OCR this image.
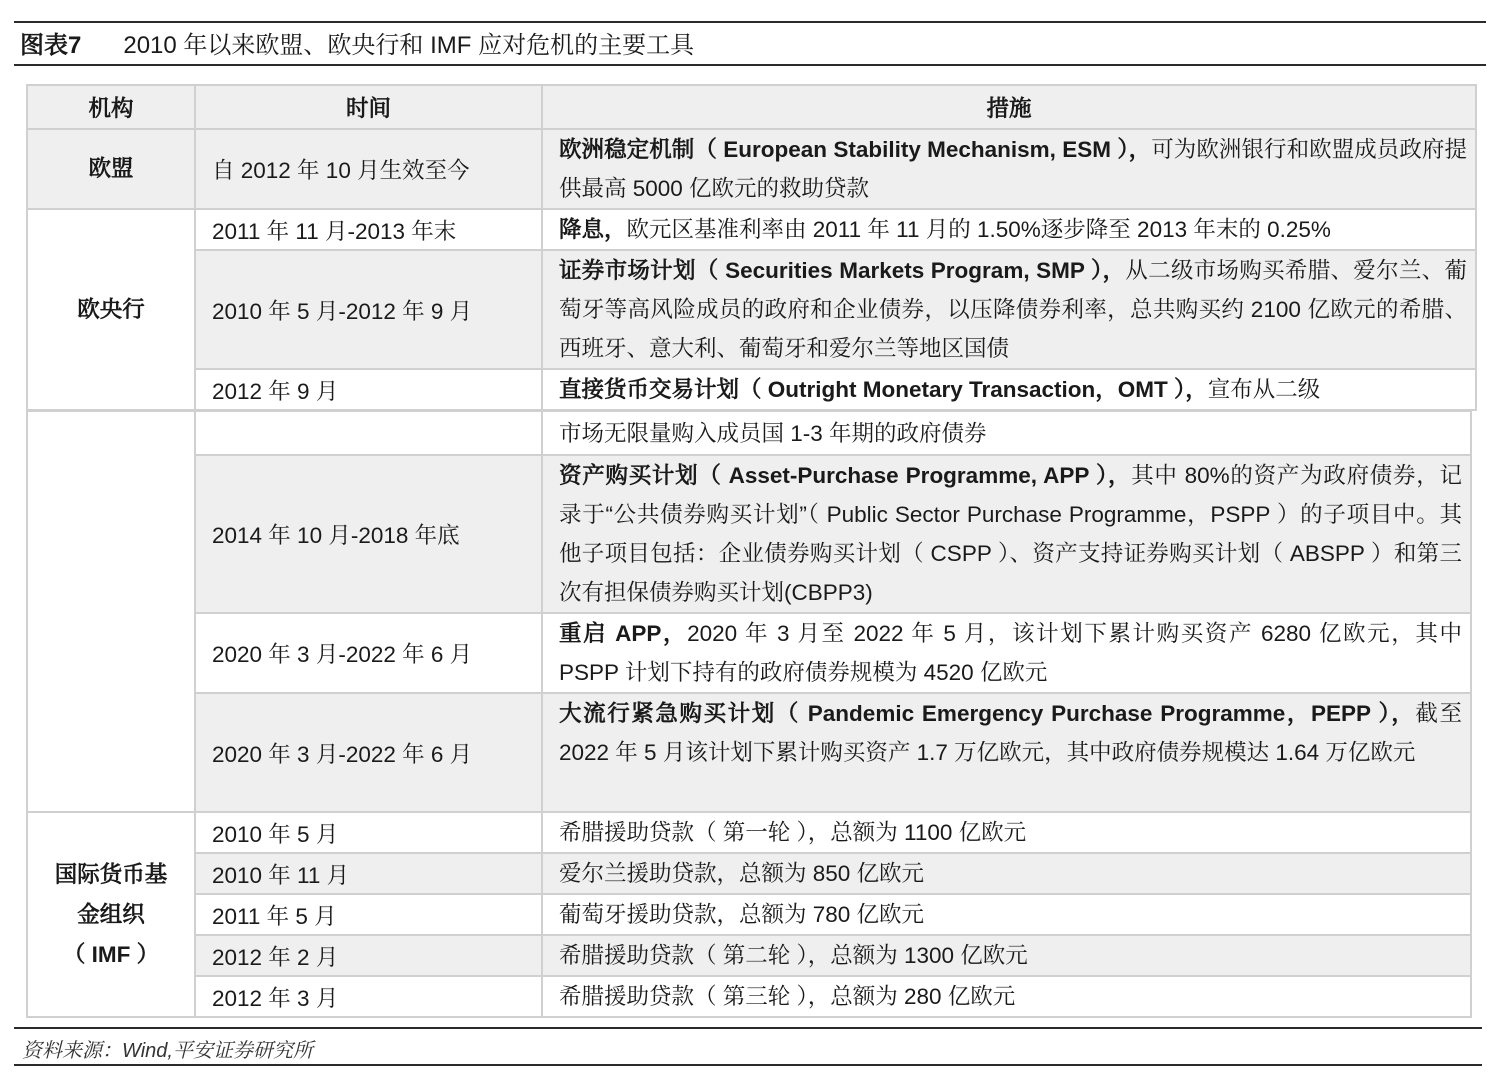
图表7 2010 年以来欧盟、欧央行和 IMF 应对危机的主要工具
机构	时间	措施
欧盟	自 2012 年 10 月生效至今	欧洲稳定机制（ European Stability Mechanism, ESM ），可为欧洲银行和欧盟成员政府提供最高 5000 亿欧元的救助贷款
欧央行	2011 年 11 月-2013 年末	降息，欧元区基准利率由 2011 年 11 月的 1.50%逐步降至 2013 年末的 0.25%
	2010 年 5 月-2012 年 9 月	证券市场计划（ Securities Markets Program, SMP ），从二级市场购买希腊、爱尔兰、葡萄牙等高风险成员的政府和企业债券，以压降债券利率，总共购买约 2100 亿欧元的希腊、西班牙、意大利、葡萄牙和爱尔兰等地区国债
	2012 年 9 月	直接货币交易计划（ Outright Monetary Transaction，OMT ），宣布从二级
		市场无限量购入成员国 1-3 年期的政府债券
	2014 年 10 月-2018 年底	资产购买计划（ Asset-Purchase Programme, APP ），其中 80%的资产为政府债券，记录于“公共债券购买计划”（ Public Sector Purchase Programme，PSPP ）的子项目中。其他子项目包括：企业债券购买计划（ CSPP ）、资产支持证券购买计划（ ABSPP ）和第三次有担保债券购买计划(CBPP3)
	2020 年 3 月-2022 年 6 月	重启 APP，2020 年 3 月至 2022 年 5 月，该计划下累计购买资产 6280 亿欧元，其中 PSPP 计划下持有的政府债券规模为 4520 亿欧元
	2020 年 3 月-2022 年 6 月	大流行紧急购买计划（ Pandemic Emergency Purchase Programme，PEPP ），截至 2022 年 5 月该计划下累计购买资产 1.7 万亿欧元，其中政府债券规模达 1.64 万亿欧元

国际货币基
金组织
（ IMF ）	2010 年 5 月	希腊援助贷款（ 第一轮 ），总额为 1100 亿欧元
	2010 年 11 月	爱尔兰援助贷款，总额为 850 亿欧元
	2011 年 5 月	葡萄牙援助贷款，总额为 780 亿欧元
	2012 年 2 月	希腊援助贷款（ 第二轮 ），总额为 1300 亿欧元
	2012 年 3 月	希腊援助贷款（ 第三轮 ），总额为 280 亿欧元
资料来源：Wind,平安证券研究所
